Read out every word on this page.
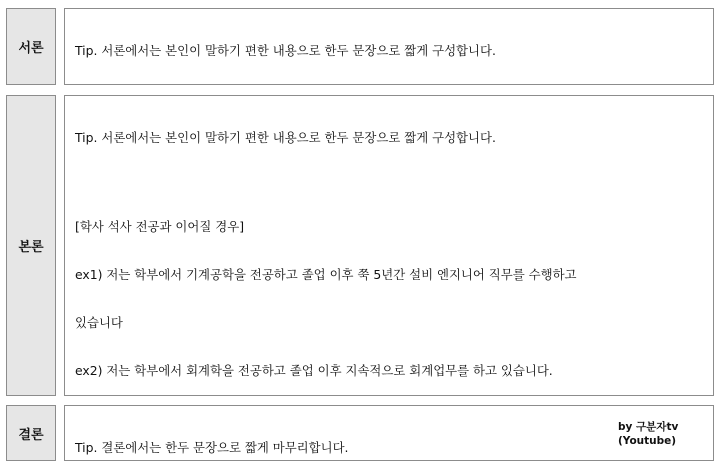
서론

	Tip. 서론에서는 본인이 말하기 편한 내용으로 한두 문장으로 짧게 구성합니다.

본론

Tip. 서론에서는 본인이 말하기 편한 내용으로 한두 문장으로 짧게 구성합니다.

[학사 석사 전공과 이어질 경우]

ex1) 저는 학부에서 기계공학을 전공하고 졸업 이후 쭉 5년간 설비 엔지니어 직무를 수행하고

있습니다

ex2) 저는 학부에서 회계학을 전공하고 졸업 이후 지속적으로 회계업무를 하고 있습니다.

결론

Tip. 결론에서는 한두 문장으로 짧게 마무리합니다.

by 구분자tv
(Youtube)
